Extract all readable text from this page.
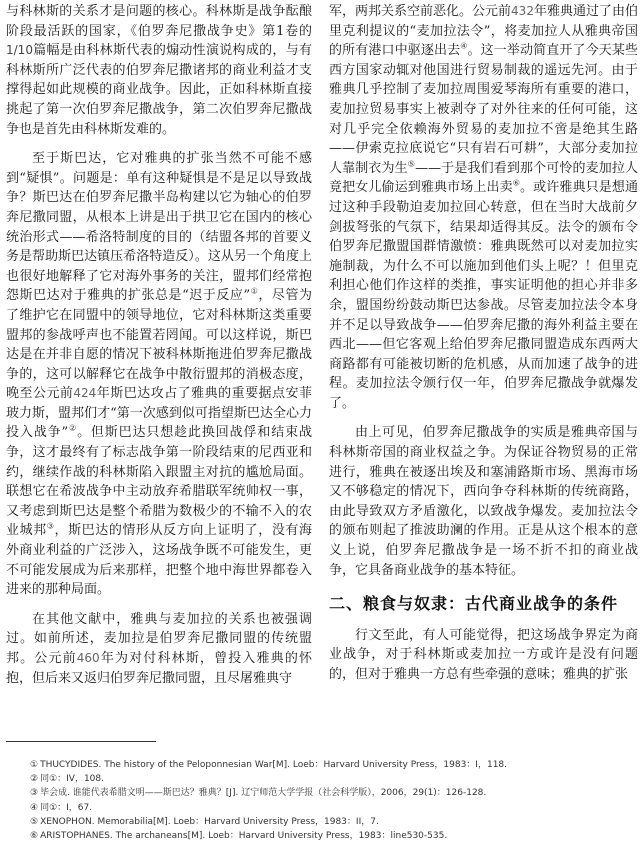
与科林斯的关系才是问题的核心。科林斯是战争酝酿阶段最活跃的国家，《伯罗奔尼撒战争史》第1卷的1/10篇幅是由科林斯代表的煽动性演说构成的，与有科林斯所广泛代表的伯罗奔尼撒诸邦的商业利益才支撑得起如此规模的商业战争。因此，正如科林斯直接挑起了第一次伯罗奔尼撒战争，第二次伯罗奔尼撒战争也是首先由科林斯发难的。

至于斯巴达，它对雅典的扩张当然不可能不感到“疑惧”。问题是：单有这种疑惧是不是足以导致战争？斯巴达在伯罗奔尼撒半岛构建以它为轴心的伯罗奔尼撒同盟，从根本上讲是出于拱卫它在国内的核心统治形式——希洛特制度的目的（结盟各邦的首要义务是帮助斯巴达镇压希洛特造反）。这从另一个角度上也很好地解释了它对海外事务的关注，盟邦们经常抱怨斯巴达对于雅典的扩张总是“迟于反应”①，尽管为了维护它在同盟中的领导地位，它对科林斯这类重要盟邦的参战呼声也不能置若罔闻。可以这样说，斯巴达是在并非自愿的情况下被科林斯拖进伯罗奔尼撒战争的，这可以解释它在战争中散衍盟邦的消极态度，晚至公元前424年斯巴达攻占了雅典的重要据点安菲玻力斯，盟邦们才“第一次感到似可指望斯巴达全心力投入战争”②。但斯巴达只想趁此换回战俘和结束战争，这才最终有了标志战争第一阶段结束的尼西亚和约，继续作战的科林斯陷入跟盟主对抗的尴尬局面。联想它在希波战争中主动放弃希腊联军统帅权一事，又考虑到斯巴达是整个希腊为数极少的不输不入的农业城邦③，斯巴达的情形从反方向上证明了，没有海外商业利益的广泛涉入，这场战争既不可能发生，更不可能发展成为后来那样，把整个地中海世界都卷入进来的那种局面。

在其他文献中，雅典与麦加拉的关系也被强调过。如前所述，麦加拉是伯罗奔尼撒同盟的传统盟邦。公元前460年为对付科林斯，曾投入雅典的怀抱，但后来又返归伯罗奔尼撒同盟，且尽屠雅典守

军，两邦关系空前恶化。公元前432年雅典通过了由伯里克利提议的“麦加拉法令”，将麦加拉人从雅典帝国的所有港口中驱逐出去④。这一举动简直开了今天某些西方国家动辄对他国进行贸易制裁的遥远先河。由于雅典几乎控制了麦加拉周围爱琴海所有重要的港口，麦加拉贸易事实上被剥夺了对外往来的任何可能，这对几乎完全依赖海外贸易的麦加拉不啻是绝其生路——伊索克拉底说它“只有岩石可耕”，大部分麦加拉人靠制衣为生⑤——于是我们看到那个可怜的麦加拉人竟把女儿偷运到雅典市场上出卖⑥。或许雅典只是想通过这种手段勒迫麦加拉回心转意，但在当时大战前夕剑拔弩张的气氛下，结果却适得其反。法令的颁布令伯罗奔尼撒盟国群情激愤：雅典既然可以对麦加拉实施制裁，为什么不可以施加到他们头上呢？！但里克利担心他们作这样的类推，事实证明他的担心并非多余，盟国纷纷鼓动斯巴达参战。尽管麦加拉法令本身并不足以导致战争——伯罗奔尼撒的海外利益主要在西北——但它客观上给伯罗奔尼撒同盟造成东西两大商路都有可能被切断的危机感，从而加速了战争的进程。麦加拉法令颁行仅一年，伯罗奔尼撒战争就爆发了。

由上可见，伯罗奔尼撒战争的实质是雅典帝国与科林斯帝国的商业权益之争。为保证谷物贸易的正常进行，雅典在被逐出埃及和塞浦路斯市场、黑海市场又不够稳定的情况下，西向争夺科林斯的传统商路，由此导致双方矛盾激化，以致战争爆发。麦加拉法令的颁布则起了推波助澜的作用。正是从这个根本的意义上说，伯罗奔尼撒战争是一场不折不扣的商业战争，它具备商业战争的基本特征。

二、粮食与奴隶：古代商业战争的条件

行文至此，有人可能觉得，把这场战争界定为商业战争，对于科林斯或麦加拉一方或许是没有问题的，但对于雅典一方总有些牵强的意味；雅典的扩张

① THUCYDIDES. The history of the Peloponnesian War[M]. Loeb：Harvard University Press，1983：I，118.
② 同①：IV，108.
③ 毕会成. 谁能代表希腊文明——斯巴达？雅典？[J]. 辽宁师范大学学报（社会科学版），2006，29(1)：126-128.
④ 同①：I，67.
⑤ XENOPHON. Memorabilia[M]. Loeb：Harvard University Press，1983：II，7.
⑥ ARISTOPHANES. The archaneans[M]. Loeb：Harvard University Press，1983：line530-535.
